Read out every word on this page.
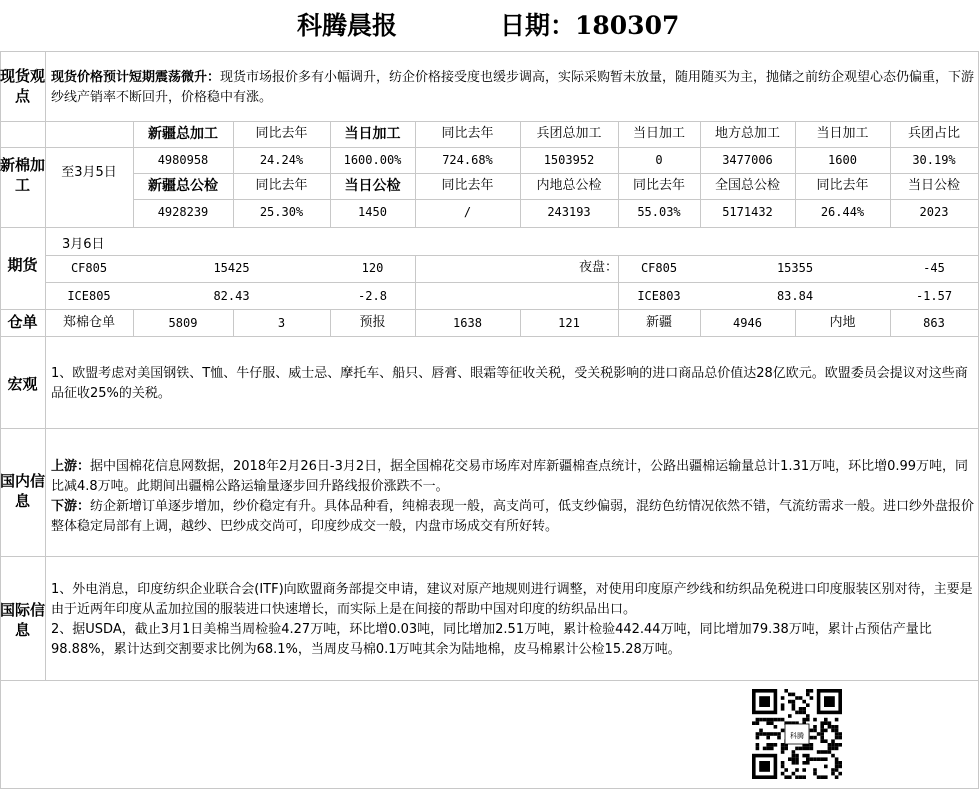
科腾晨报	日期：180307
现货观点
现货价格预计短期震荡微升：现货市场报价多有小幅调升，纺企价格接受度也缓步调高，实际采购暂未放量，随用随买为主，抛储之前纺企观望心态仍偏重，下游纱线产销率不断回升，价格稳中有涨。
新棉加工
至3月5日
新疆总加工	同比去年	当日加工	同比去年	兵团总加工	当日加工	地方总加工	当日加工	兵团占比
4980958	24.24%	1600.00%	724.68%	1503952	0	3477006	1600	30.19%
新疆总公检	同比去年	当日公检	同比去年	内地总公检	同比去年	全国总公检	同比去年	当日公检
4928239	25.30%	1450	/	243193	55.03%	5171432	26.44%	2023
3月6日
期货	CF805	15425	120	夜盘：	CF805	15355	-45
ICE805	82.43	-2.8	ICE803	83.84	-1.57
仓单	郑棉仓单	5809	3	预报	1638	121	新疆	4946	内地	863
宏观
1、欧盟考虑对美国钢铁、T恤、牛仔服、威士忌、摩托车、船只、唇膏、眼霜等征收关税，受关税影响的进口商品总价值达28亿欧元。欧盟委员会提议对这些商品征收25%的关税。
国内信息
上游：据中国棉花信息网数据，2018年2月26日-3月2日，据全国棉花交易市场库对库新疆棉查点统计，公路出疆棉运输量总计1.31万吨，环比增0.99万吨，同比减4.8万吨。此期间出疆棉公路运输量逐步回升路线报价涨跌不一。
下游：纺企新增订单逐步增加，纱价稳定有升。具体品种看，纯棉表现一般，高支尚可，低支纱偏弱，混纺色纺情况依然不错，气流纺需求一般。进口纱外盘报价整体稳定局部有上调，越纱、巴纱成交尚可，印度纱成交一般，内盘市场成交有所好转。
国际信息
1、外电消息，印度纺织企业联合会(ITF)向欧盟商务部提交申请，建议对原产地规则进行调整，对使用印度原产纱线和纺织品免税进口印度服装区别对待，主要是由于近两年印度从孟加拉国的服装进口快速增长，而实际上是在间接的帮助中国对印度的纺织品出口。
2、据USDA，截止3月1日美棉当周检验4.27万吨，环比增0.03吨，同比增加2.51万吨，累计检验442.44万吨，同比增加79.38万吨，累计占预估产量比98.88%，累计达到交割要求比例为68.1%，当周皮马棉0.1万吨其余为陆地棉，皮马棉累计公检15.28万吨。
科腾
